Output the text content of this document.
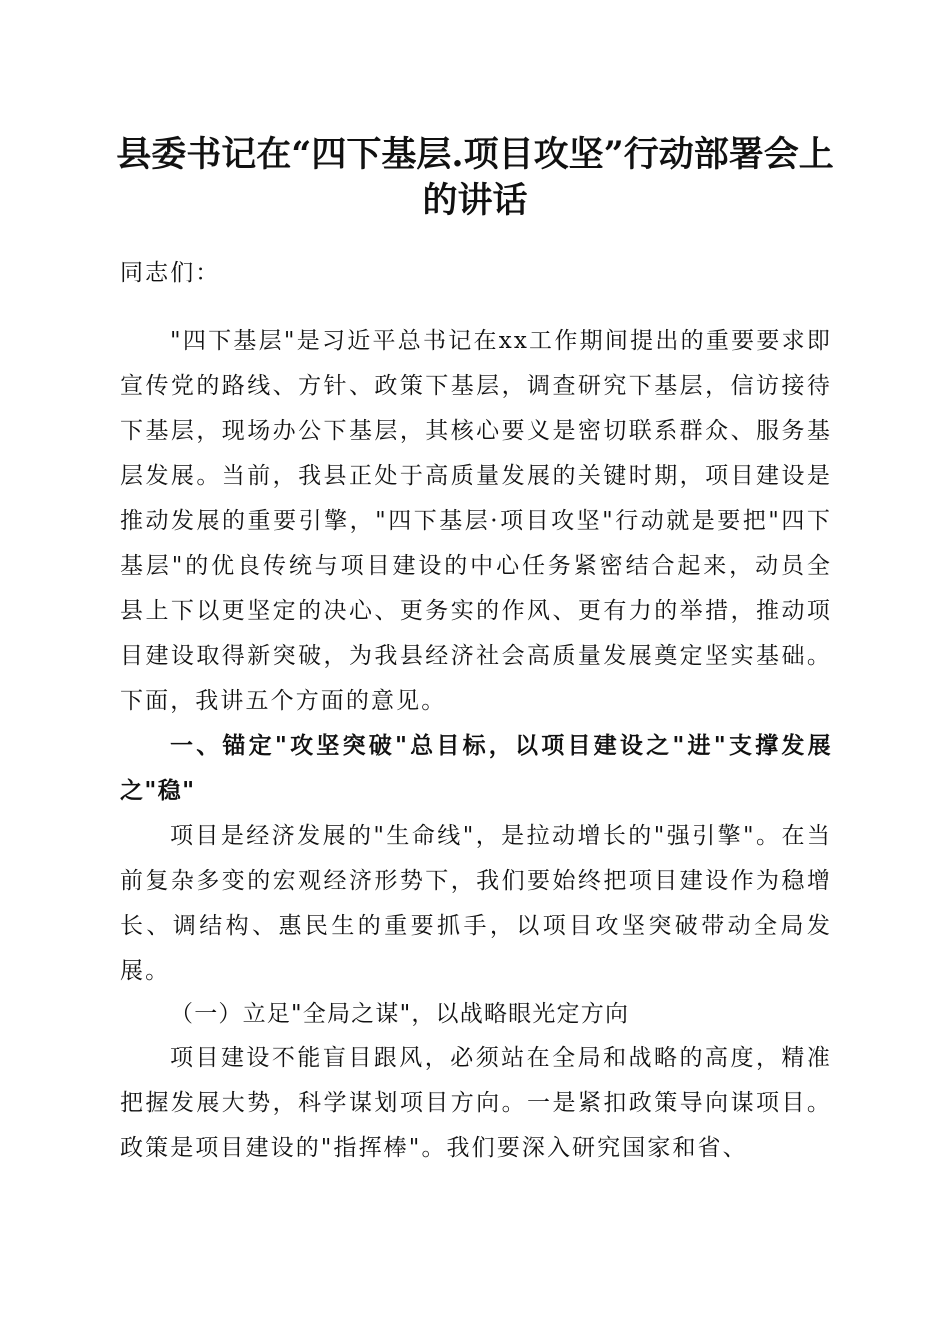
县委书记在“四下基层.项目攻坚”行动部署会上的讲话

同志们：

"四下基层"是习近平总书记在xx工作期间提出的重要要求即宣传党的路线、方针、政策下基层，调查研究下基层，信访接待下基层，现场办公下基层，其核心要义是密切联系群众、服务基层发展。当前，我县正处于高质量发展的关键时期，项目建设是推动发展的重要引擎，"四下基层·项目攻坚"行动就是要把"四下基层"的优良传统与项目建设的中心任务紧密结合起来，动员全县上下以更坚定的决心、更务实的作风、更有力的举措，推动项目建设取得新突破，为我县经济社会高质量发展奠定坚实基础。下面，我讲五个方面的意见。

一、锚定"攻坚突破"总目标，以项目建设之"进"支撑发展之"稳"

项目是经济发展的"生命线"，是拉动增长的"强引擎"。在当前复杂多变的宏观经济形势下，我们要始终把项目建设作为稳增长、调结构、惠民生的重要抓手，以项目攻坚突破带动全局发展。

（一）立足"全局之谋"，以战略眼光定方向

项目建设不能盲目跟风，必须站在全局和战略的高度，精准把握发展大势，科学谋划项目方向。一是紧扣政策导向谋项目。政策是项目建设的"指挥棒"。我们要深入研究国家和省、
